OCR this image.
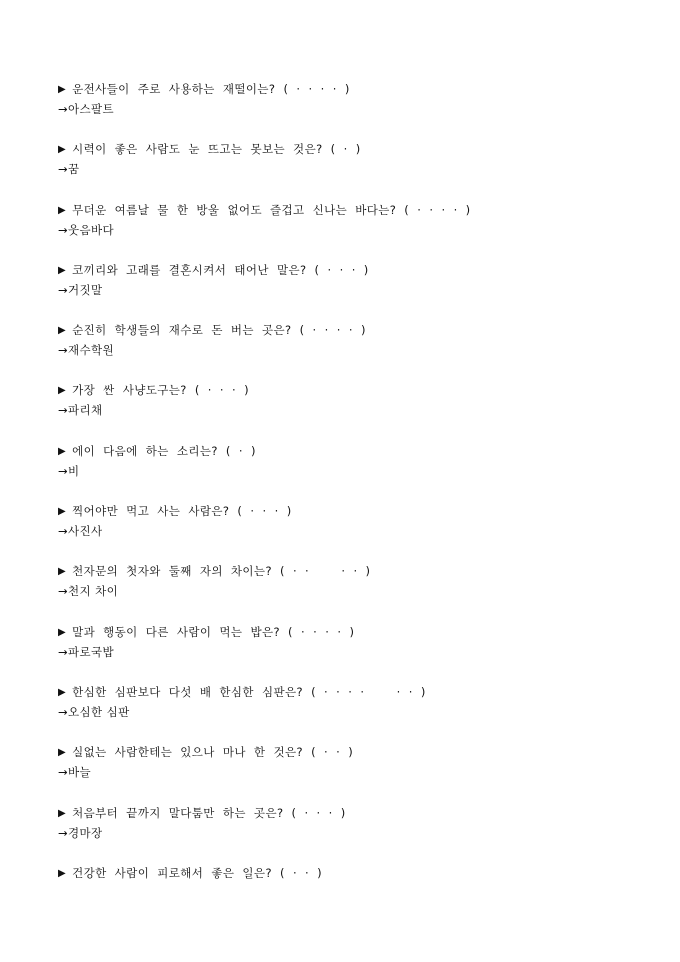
▶ 운전사들이 주로 사용하는 재떨이는? ( · · · · )
→아스팔트
▶ 시력이 좋은 사람도 눈 뜨고는 못보는 것은? ( · )
→꿈
▶ 무더운 여름날 물 한 방울 없어도 즐겁고 신나는 바다는? ( · · · · )
→웃음바다
▶ 코끼리와 고래를 결혼시켜서 태어난 말은? ( · · · )
→거짓말
▶ 순진히 학생들의 재수로 돈 버는 곳은? ( · · · · )
→재수학원
▶ 가장 싼 사냥도구는? ( · · · )
→파리채
▶ 에이 다음에 하는 소리는? ( · )
→비
▶ 찍어야만 먹고 사는 사람은? ( · · · )
→사진사
▶ 천자문의 첫자와 둘째 자의 차이는? ( · ·    · · )
→천지 차이
▶ 말과 행동이 다른 사람이 먹는 밥은? ( · · · · )
→파로국밥
▶ 한심한 심판보다 다섯 배 한심한 심판은? ( · · · ·    · · )
→오심한 심판
▶ 실없는 사람한테는 있으나 마나 한 것은? ( · · )
→바늘
▶ 처음부터 끝까지 말다툼만 하는 곳은? ( · · · )
→경마장
▶ 건강한 사람이 피로해서 좋은 일은? ( · · )
